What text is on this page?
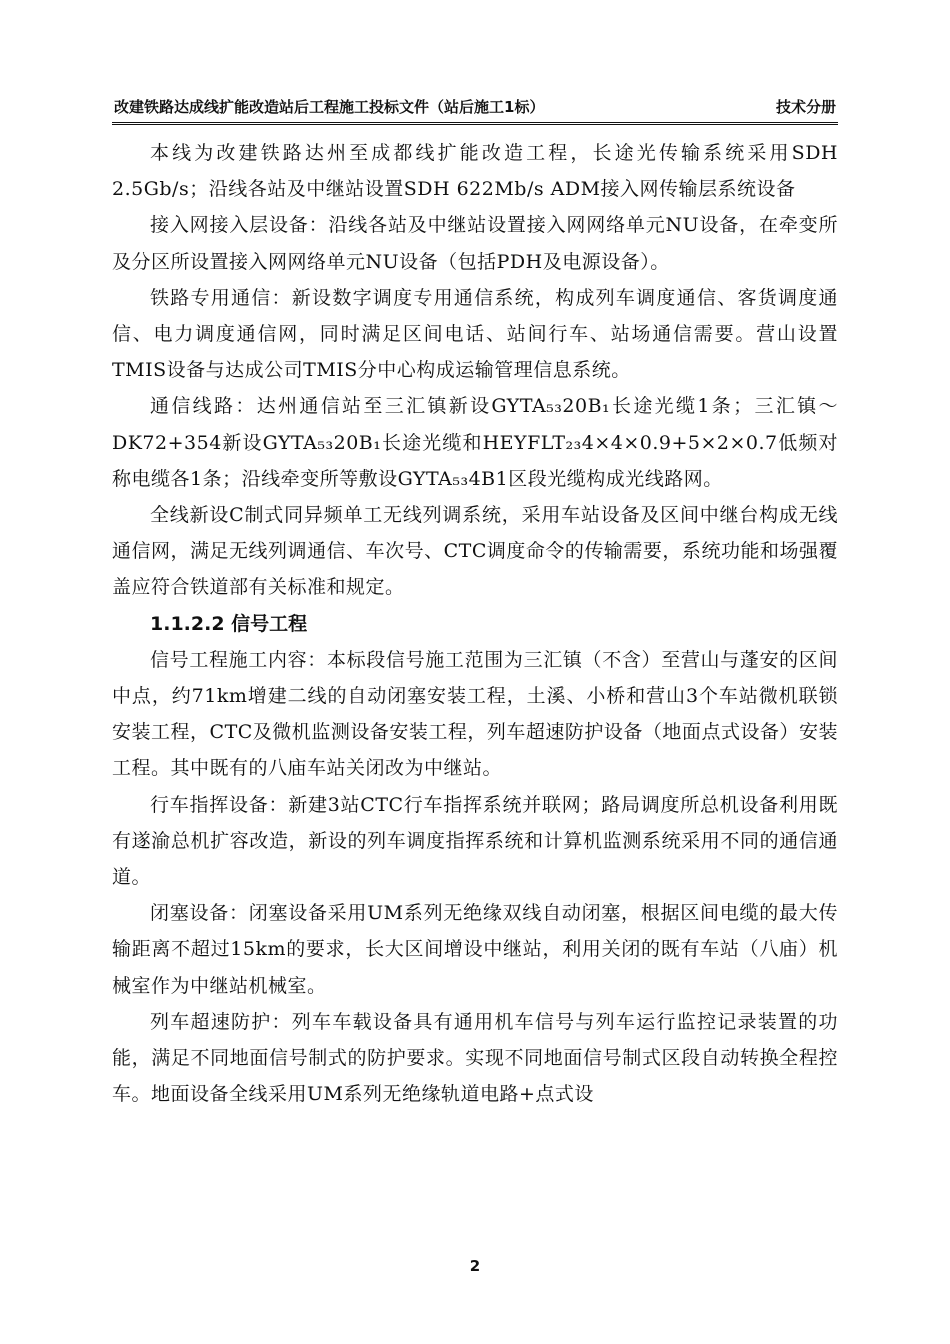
改建铁路达成线扩能改造站后工程施工投标文件（站后施工1标）	技术分册

本线为改建铁路达州至成都线扩能改造工程，长途光传输系统采用SDH 2.5Gb/s；沿线各站及中继站设置SDH 622Mb/s ADM接入网传输层系统设备

接入网接入层设备：沿线各站及中继站设置接入网网络单元NU设备，在牵变所及分区所设置接入网网络单元NU设备（包括PDH及电源设备）。

铁路专用通信：新设数字调度专用通信系统，构成列车调度通信、客货调度通信、电力调度通信网，同时满足区间电话、站间行车、站场通信需要。营山设置TMIS设备与达成公司TMIS分中心构成运输管理信息系统。

通信线路：达州通信站至三汇镇新设GYTA₅₃20B₁长途光缆1条；三汇镇～DK72+354新设GYTA₅₃20B₁长途光缆和HEYFLT₂₃4×4×0.9+5×2×0.7低频对称电缆各1条；沿线牵变所等敷设GYTA₅₃4B1区段光缆构成光线路网。

全线新设C制式同异频单工无线列调系统，采用车站设备及区间中继台构成无线通信网，满足无线列调通信、车次号、CTC调度命令的传输需要，系统功能和场强覆盖应符合铁道部有关标准和规定。

1.1.2.2 信号工程

信号工程施工内容：本标段信号施工范围为三汇镇（不含）至营山与蓬安的区间中点，约71km增建二线的自动闭塞安装工程，土溪、小桥和营山3个车站微机联锁安装工程，CTC及微机监测设备安装工程，列车超速防护设备（地面点式设备）安装工程。其中既有的八庙车站关闭改为中继站。

行车指挥设备：新建3站CTC行车指挥系统并联网；路局调度所总机设备利用既有遂渝总机扩容改造，新设的列车调度指挥系统和计算机监测系统采用不同的通信通道。

闭塞设备：闭塞设备采用UM系列无绝缘双线自动闭塞，根据区间电缆的最大传输距离不超过15km的要求，长大区间增设中继站，利用关闭的既有车站（八庙）机械室作为中继站机械室。

列车超速防护：列车车载设备具有通用机车信号与列车运行监控记录装置的功能，满足不同地面信号制式的防护要求。实现不同地面信号制式区段自动转换全程控车。地面设备全线采用UM系列无绝缘轨道电路+点式设

2
